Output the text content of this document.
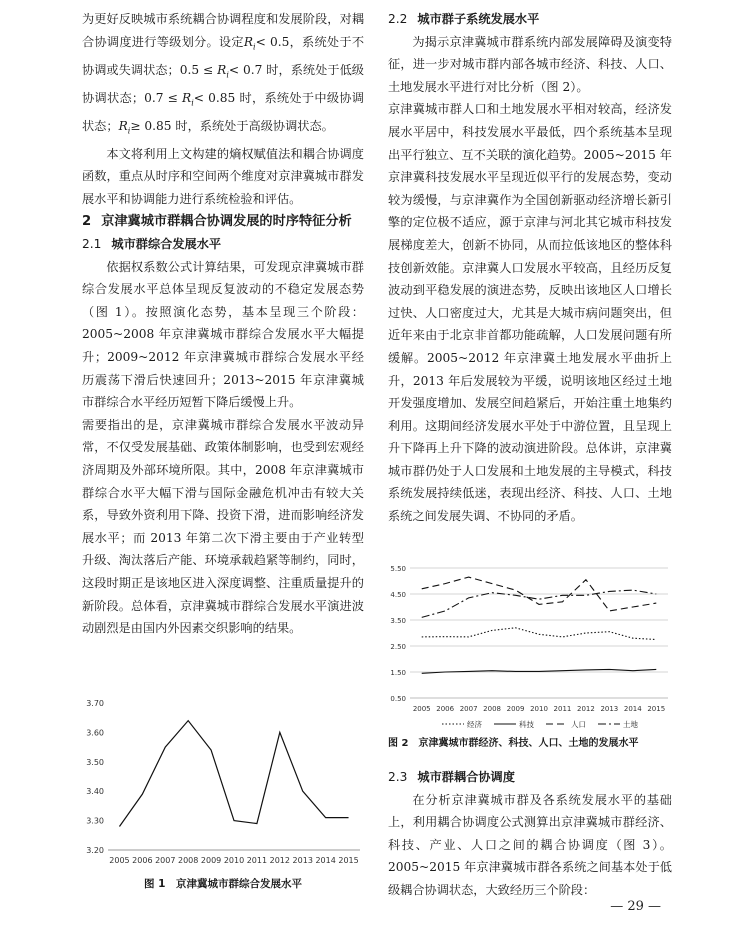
为更好反映城市系统耦合协调程度和发展阶段，对耦合协调度进行等级划分。设定$R_i< 0.5$，系统处于不协调或失调状态；$0.5 \le R_i< 0.7$ 时，系统处于低级协调状态；$0.7 \le R_i< 0.85$ 时，系统处于中级协调状态；$R_i\ge 0.85$ 时，系统处于高级协调状态。

本文将利用上文构建的熵权赋值法和耦合协调度函数，重点从时序和空间两个维度对京津冀城市群发展水平和协调能力进行系统检验和评估。

2 京津冀城市群耦合协调发展的时序特征分析
2.1 城市群综合发展水平

依据权系数公式计算结果，可发现京津冀城市群综合发展水平总体呈现反复波动的不稳定发展态势（图 1）。按照演化态势，基本呈现三个阶段：2005~2008 年京津冀城市群综合发展水平大幅提升；2009~2012 年京津冀城市群综合发展水平经历震荡下滑后快速回升；2013~2015 年京津冀城市群综合水平经历短暂下降后缓慢上升。

需要指出的是，京津冀城市群综合发展水平波动异常，不仅受发展基础、政策体制影响，也受到宏观经济周期及外部环境所限。其中，2008 年京津冀城市群综合水平大幅下滑与国际金融危机冲击有较大关系，导致外资利用下降、投资下滑，进而影响经济发展水平；而 2013 年第二次下滑主要由于产业转型升级、淘汰落后产能、环境承载趋紧等制约，同时，这段时期正是该地区进入深度调整、注重质量提升的新阶段。总体看，京津冀城市群综合发展水平演进波动剧烈是由国内外因素交织影响的结果。

3.20
3.30
3.40
3.50
3.60
3.70
2005 2006 2007 2008 2009 2010 2011 2012 2013 2014 2015
图 1　京津冀城市群综合发展水平
2.2 城市群子系统发展水平

为揭示京津冀城市群系统内部发展障碍及演变特征，进一步对城市群内部各城市经济、科技、人口、土地发展水平进行对比分析（图 2）。

京津冀城市群人口和土地发展水平相对较高，经济发展水平居中，科技发展水平最低，四个系统基本呈现出平行独立、互不关联的演化趋势。2005~2015 年京津冀科技发展水平呈现近似平行的发展态势，变动较为缓慢，与京津冀作为全国创新驱动经济增长新引擎的定位极不适应，源于京津与河北其它城市科技发展梯度差大，创新不协同，从而拉低该地区的整体科技创新效能。京津冀人口发展水平较高，且经历反复波动到平稳发展的演进态势，反映出该地区人口增长过快、人口密度过大，尤其是大城市病问题突出，但近年来由于北京非首都功能疏解，人口发展问题有所缓解。2005~2012 年京津冀土地发展水平曲折上升，2013 年后发展较为平缓，说明该地区经过土地开发强度增加、发展空间趋紧后，开始注重土地集约利用。这期间经济发展水平处于中游位置，且呈现上升下降再上升下降的波动演进阶段。总体讲，京津冀城市群仍处于人口发展和土地发展的主导模式，科技系统发展持续低迷，表现出经济、科技、人口、土地系统之间发展失调、不协同的矛盾。

0.50
1.50
2.50
3.50
4.50
5.50
2005 2006 2007 2008 2009 2010 2011 2012 2013 2014 2015
经济	科技	人口	土地
图 2　京津冀城市群经济、科技、人口、土地的发展水平
2.3 城市群耦合协调度

在分析京津冀城市群及各系统发展水平的基础上，利用耦合协调度公式测算出京津冀城市群经济、科技、产业、人口之间的耦合协调度（图 3）。2005~2015 年京津冀城市群各系统之间基本处于低级耦合协调状态，大致经历三个阶段：

— 29 —
